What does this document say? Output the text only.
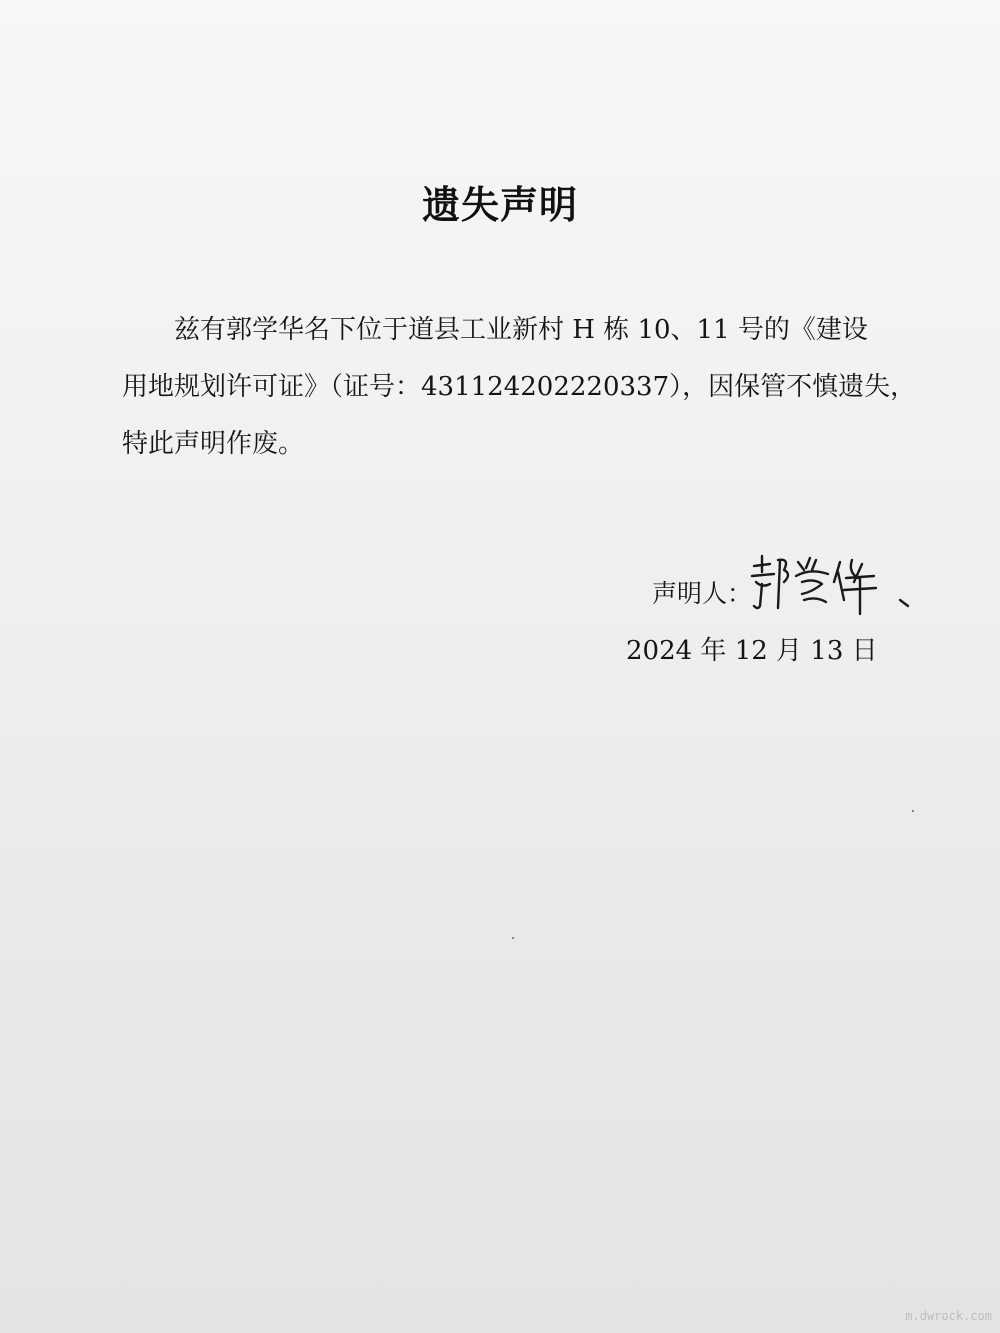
遗失声明
兹有郭学华名下位于道县工业新村 H 栋 10、11 号的《建设
用地规划许可证》（证号：431124202220337），因保管不慎遗失，
特此声明作废。
声明人：
2024 年 12 月 13 日
m.dwrock.com
